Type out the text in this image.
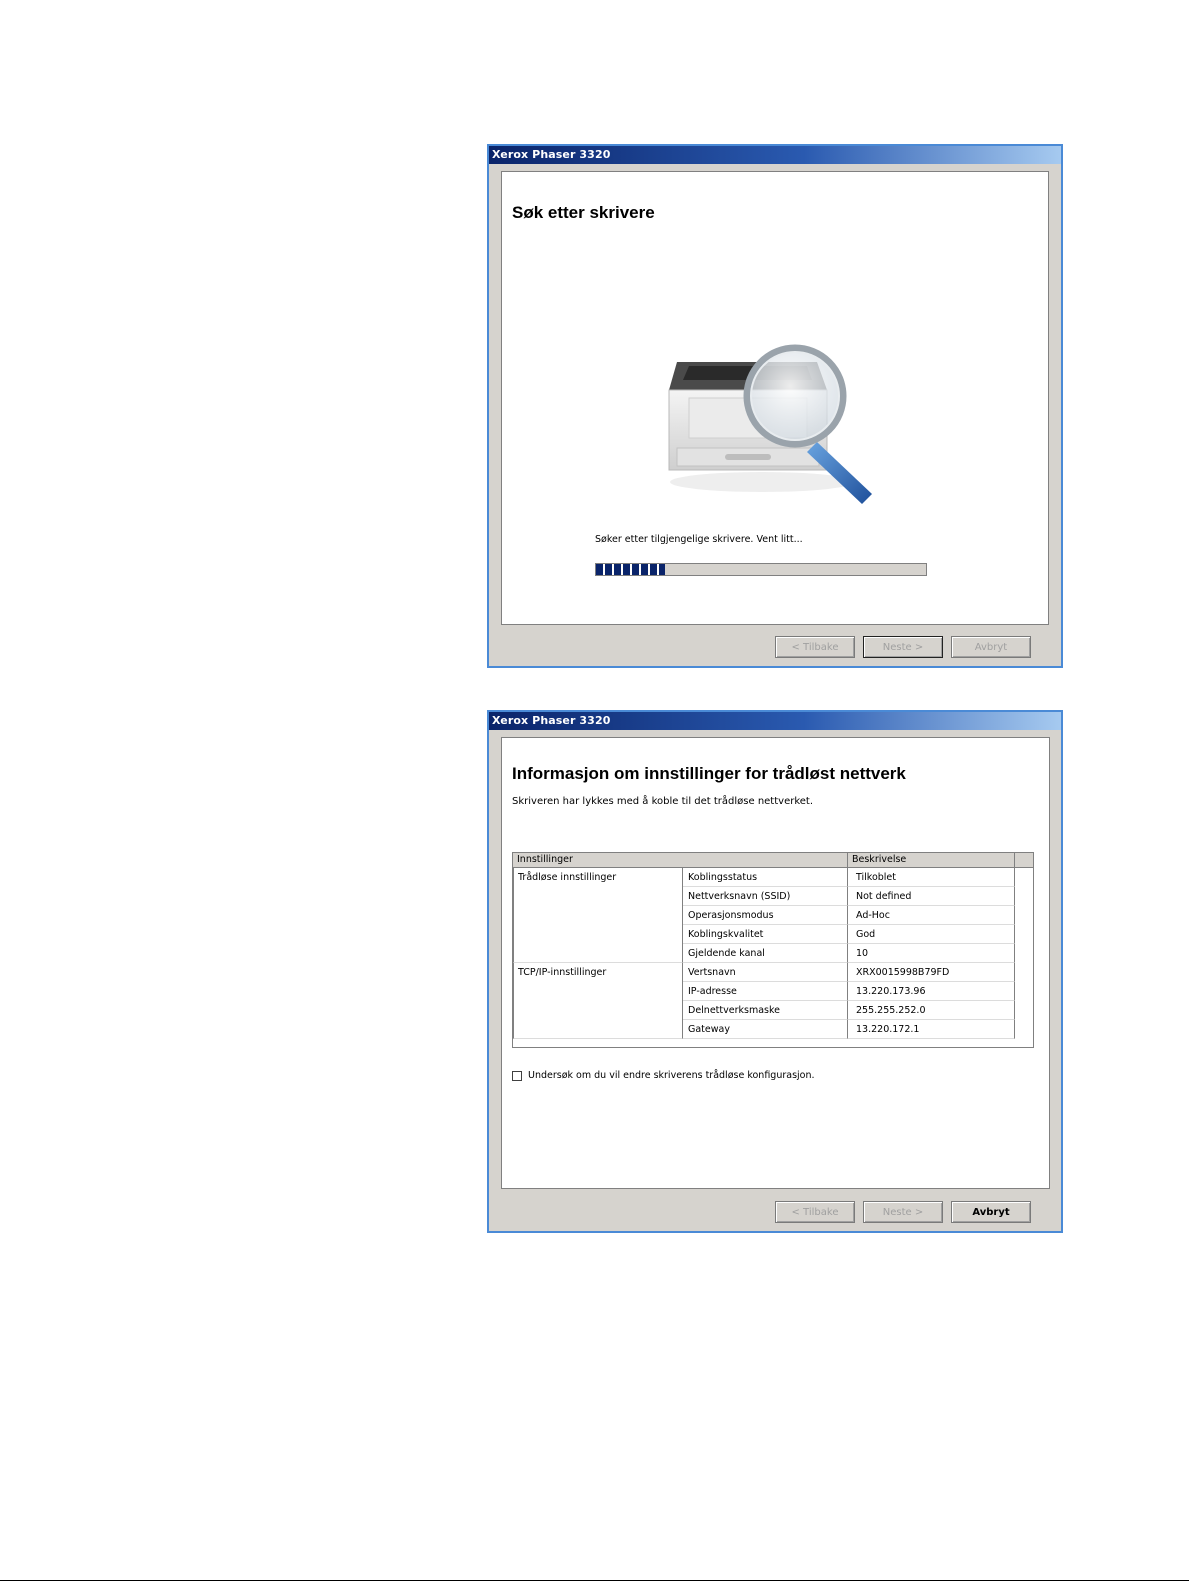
Xerox Phaser 3320
Søk etter skrivere
Søker etter tilgjengelige skrivere. Vent litt...
< Tilbake	Neste >	Avbryt
Xerox Phaser 3320
Informasjon om innstillinger for trådløst nettverk
Skriveren har lykkes med å koble til det trådløse nettverket.
Innstillinger	Beskrivelse
Trådløse innstillinger	Koblingsstatus	Tilkoblet
Nettverksnavn (SSID)	Not defined
Operasjonsmodus	Ad-Hoc
Koblingskvalitet	God
Gjeldende kanal	10
TCP/IP-innstillinger	Vertsnavn	XRX0015998B79FD
IP-adresse	13.220.173.96
Delnettverksmaske	255.255.252.0
Gateway	13.220.172.1
Undersøk om du vil endre skriverens trådløse konfigurasjon.
< Tilbake	Neste >	Avbryt
